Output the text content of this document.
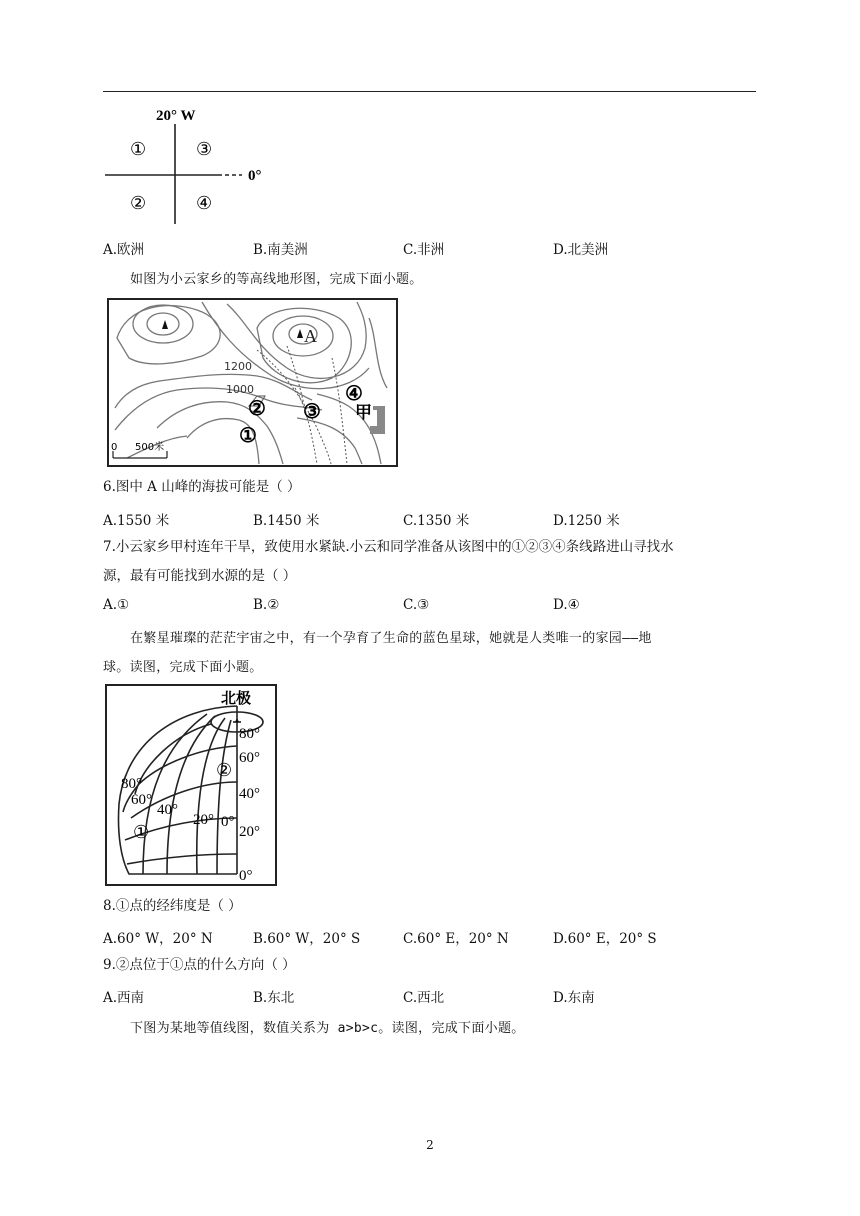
20° W
0°
①	③
②	④
A.欧洲	B.南美洲	C.非洲	D.北美洲
如图为小云家乡的等高线地形图，完成下面小题。
A
1200
1000
② ③
④
①
甲
0 500米
6.图中 A 山峰的海拔可能是（ ）
A.1550 米	B.1450 米	C.1350 米	D.1250 米
7.小云家乡甲村连年干旱，致使用水紧缺.小云和同学准备从该图中的①②③④条线路进山寻找水
源，最有可能找到水源的是（ ）
A.①	B.②	C.③	D.④
在繁星璀璨的茫茫宇宙之中，有一个孕育了生命的蓝色星球，她就是人类唯一的家园——地
球。读图，完成下面小题。
北极
80°
60°
40°
20°
0°
80°
60°
40°
20° 0°
①
②
8.①点的经纬度是（ ）
A.60° W，20° N	B.60° W，20° S	C.60° E，20° N	D.60° E，20° S
9.②点位于①点的什么方向（ ）
A.西南	B.东北	C.西北	D.东南
下图为某地等值线图，数值关系为 a>b>c。读图，完成下面小题。
2
